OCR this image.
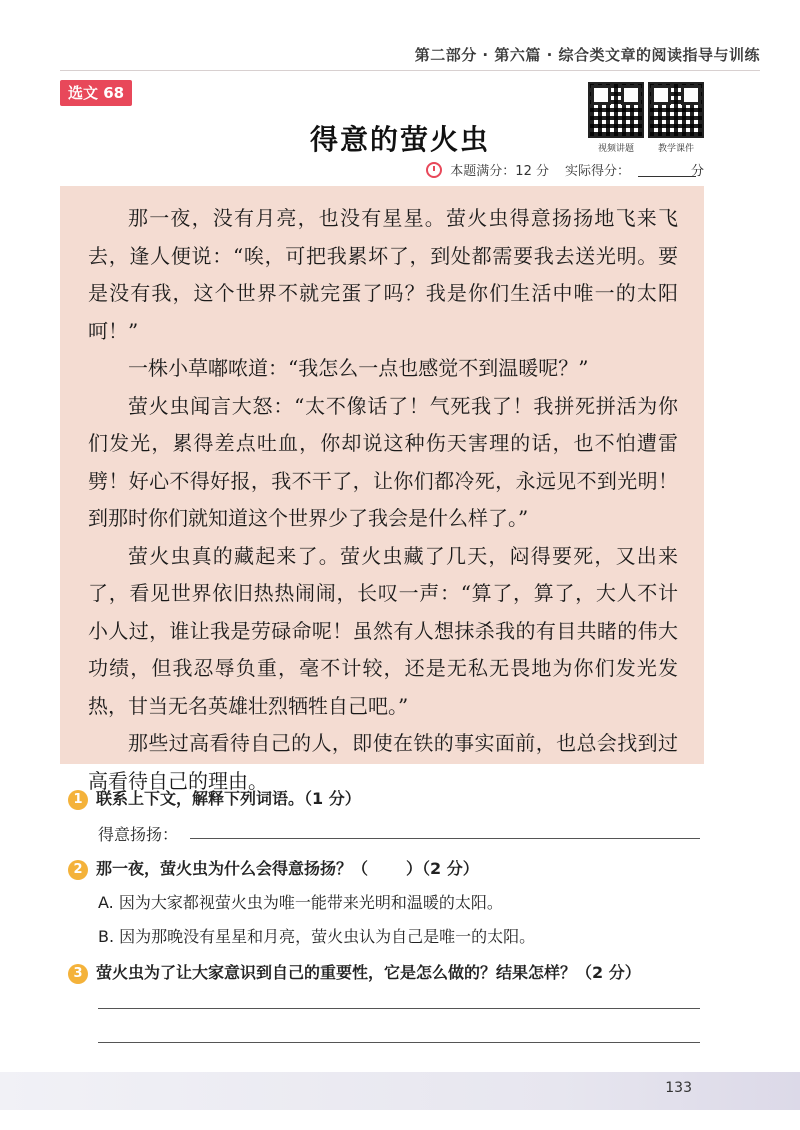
第二部分 · 第六篇 · 综合类文章的阅读指导与训练
选文 68
得意的萤火虫	视频讲题	教学课件
本题满分：12 分 实际得分：	分

那一夜，没有月亮，也没有星星。萤火虫得意扬扬地飞来飞去，逢人便说：“唉，可把我累坏了，到处都需要我去送光明。要是没有我，这个世界不就完蛋了吗？我是你们生活中唯一的太阳呵！”

一株小草嘟哝道：“我怎么一点也感觉不到温暖呢？”

萤火虫闻言大怒：“太不像话了！气死我了！我拼死拼活为你们发光，累得差点吐血，你却说这种伤天害理的话，也不怕遭雷劈！好心不得好报，我不干了，让你们都冷死，永远见不到光明！到那时你们就知道这个世界少了我会是什么样了。”

萤火虫真的藏起来了。萤火虫藏了几天，闷得要死，又出来了，看见世界依旧热热闹闹，长叹一声：“算了，算了，大人不计小人过，谁让我是劳碌命呢！虽然有人想抹杀我的有目共睹的伟大功绩，但我忍辱负重，毫不计较，还是无私无畏地为你们发光发热，甘当无名英雄壮烈牺牲自己吧。”

那些过高看待自己的人，即使在铁的事实面前，也总会找到过高看待自己的理由。

1 联系上下文，解释下列词语。（1 分）
得意扬扬：
2 那一夜，萤火虫为什么会得意扬扬？（ ）（2 分）
A. 因为大家都视萤火虫为唯一能带来光明和温暖的太阳。
B. 因为那晚没有星星和月亮，萤火虫认为自己是唯一的太阳。
3 萤火虫为了让大家意识到自己的重要性，它是怎么做的？结果怎样？（2 分）
133
